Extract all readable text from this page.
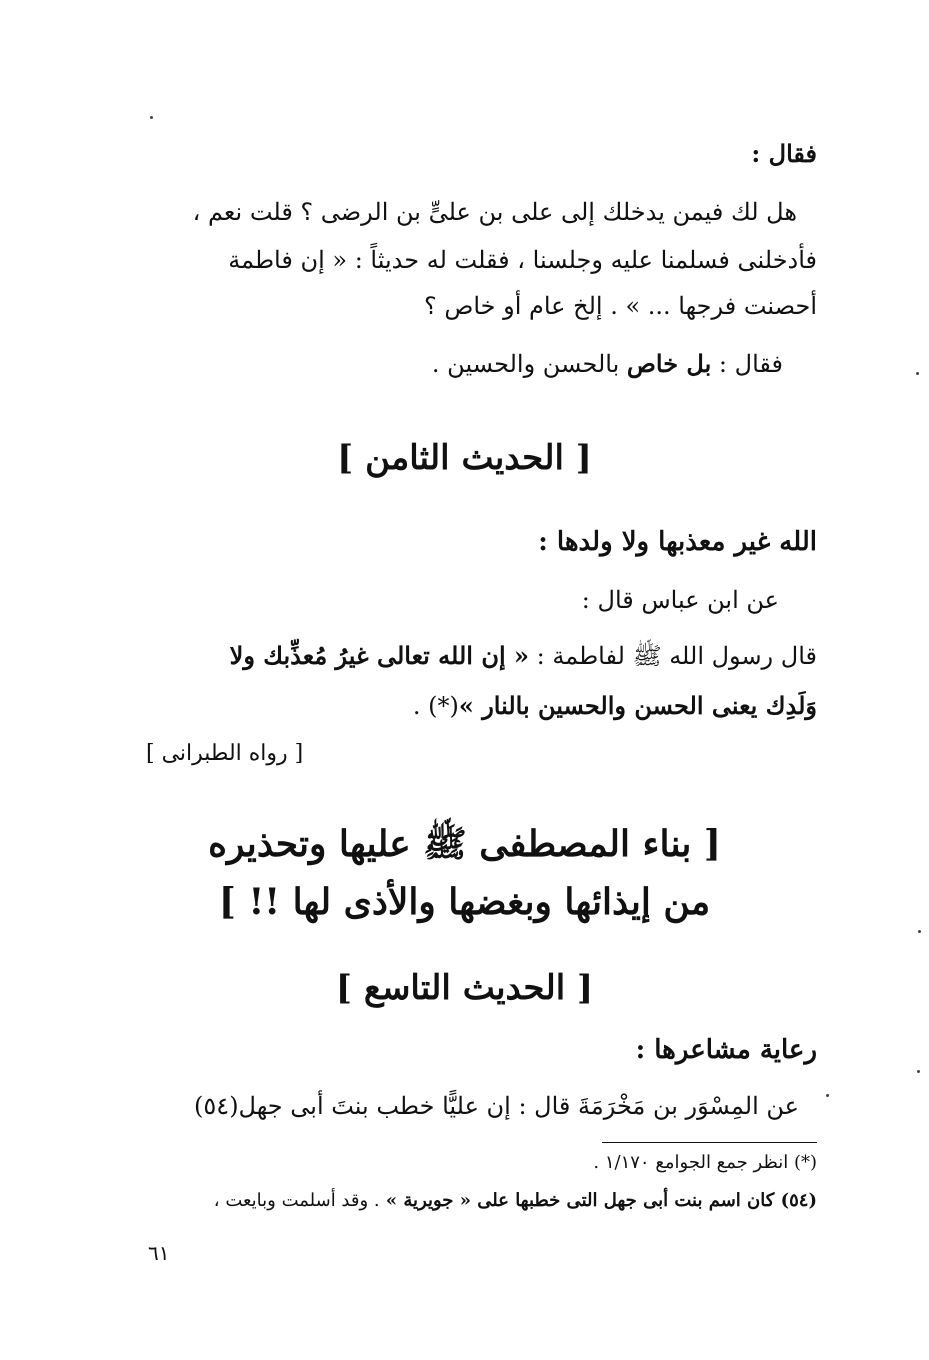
فقال :
هل لك فيمن يدخلك إلى على بن علىٍّ بن الرضى ؟ قلت نعم ،
فأدخلنى فسلمنا عليه وجلسنا ، فقلت له حديثاً : « إن فاطمة
أحصنت فرجها ... » . إلخ عام أو خاص ؟
فقال : بل خاص بالحسن والحسين .
[ الحديث الثامن ]
الله غير معذبها ولا ولدها :
عن ابن عباس قال :
قال رسول الله ﷺ لفاطمة : « إن الله تعالى غيرُ مُعذِّبك ولا
وَلَدِك يعنى الحسن والحسين بالنار »(*) .
[ رواه الطبرانى ]
[ بناء المصطفى ﷺ عليها وتحذيره
من إيذائها وبغضها والأذى لها !! ]
[ الحديث التاسع ]
رعاية مشاعرها :
عن المِسْوَر بن مَخْرَمَةَ قال : إن عليًّا خطب بنتَ أبى جهل(٥٤)
(*) انظر جمع الجوامع ١/١٧٠ .
(٥٤) كان اسم بنت أبى جهل التى خطبها على « جويرية » . وقد أسلمت وبايعت ،
٦١
